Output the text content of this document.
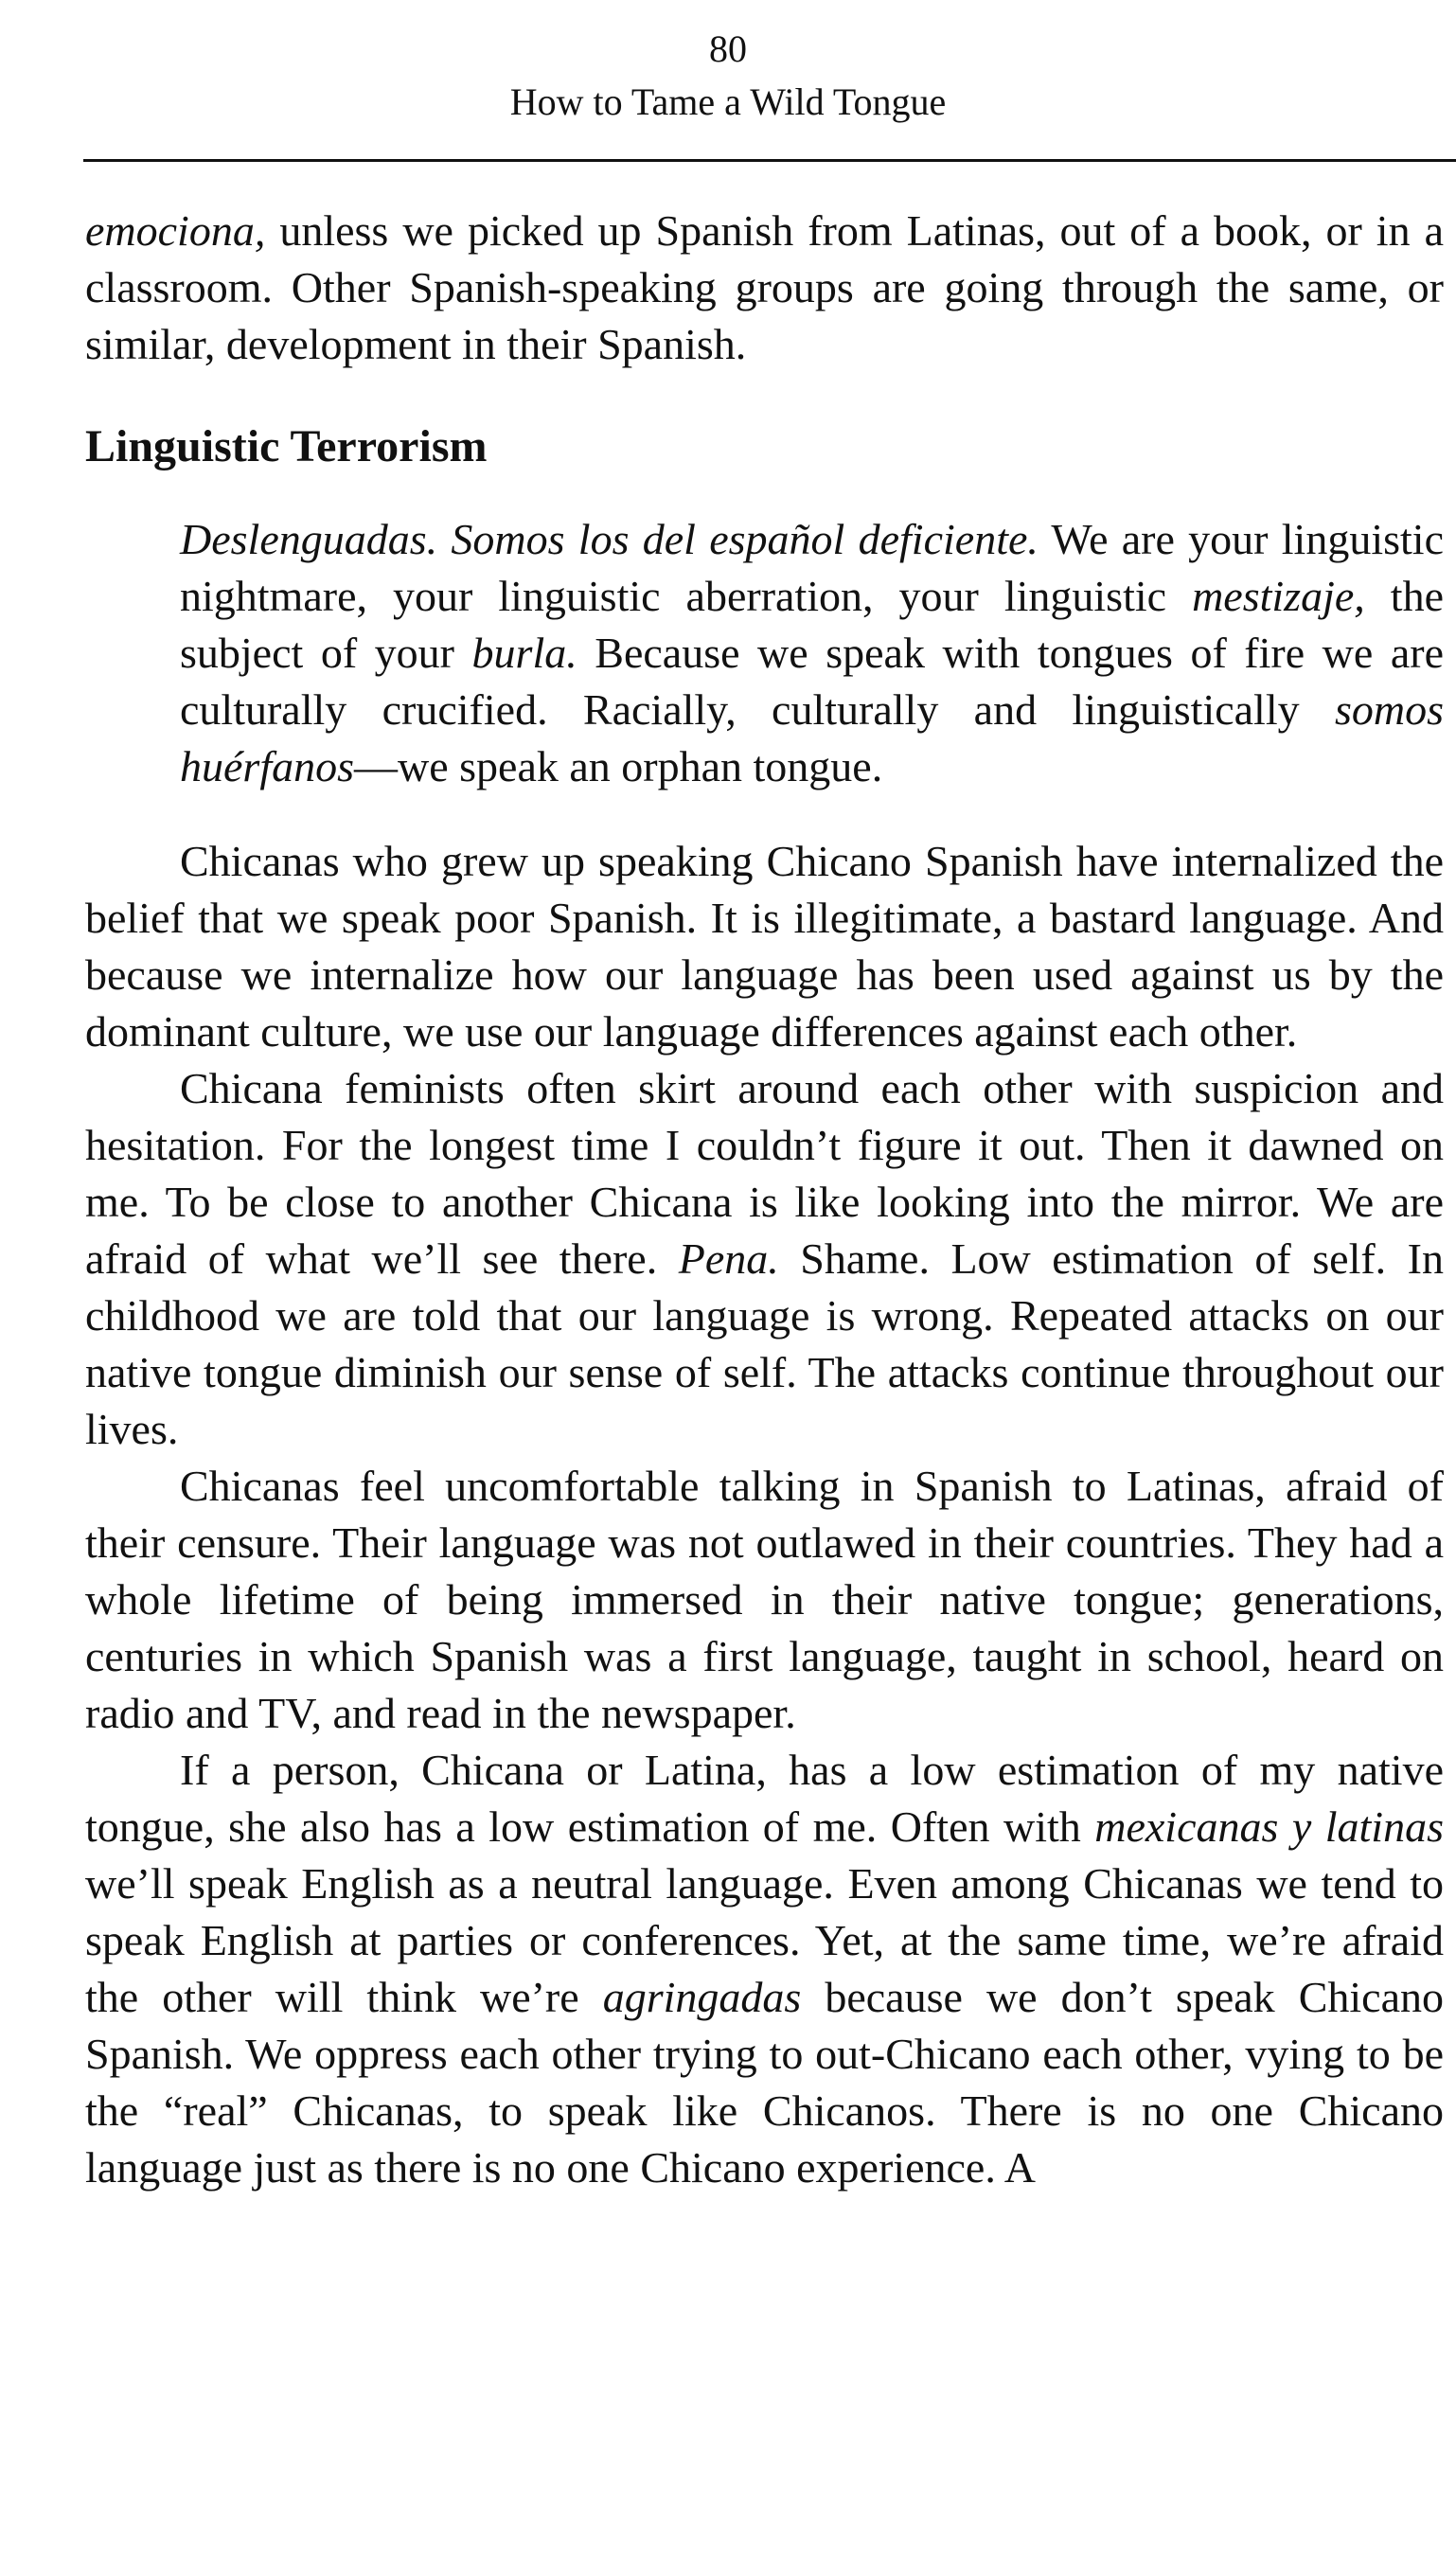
80
How to Tame a Wild Tongue

emociona, unless we picked up Spanish from Latinas, out of a book, or in a classroom. Other Spanish-speaking groups are going through the same, or similar, development in their Spanish.

Linguistic Terrorism

Deslenguadas. Somos los del español deficiente. We are your linguistic nightmare, your linguistic aberration, your linguistic mestizaje, the subject of your burla. Because we speak with tongues of fire we are culturally crucified. Racially, culturally and linguistically somos huérfanos—we speak an orphan tongue.

Chicanas who grew up speaking Chicano Spanish have internalized the belief that we speak poor Spanish. It is illegitimate, a bastard language. And because we internalize how our language has been used against us by the dominant culture, we use our language differences against each other.

Chicana feminists often skirt around each other with suspicion and hesitation. For the longest time I couldn’t figure it out. Then it dawned on me. To be close to another Chicana is like looking into the mirror. We are afraid of what we’ll see there. Pena. Shame. Low estimation of self. In childhood we are told that our language is wrong. Repeated attacks on our native tongue diminish our sense of self. The attacks continue throughout our lives.

Chicanas feel uncomfortable talking in Spanish to Latinas, afraid of their censure. Their language was not outlawed in their countries. They had a whole lifetime of being immersed in their native tongue; generations, centuries in which Spanish was a first language, taught in school, heard on radio and TV, and read in the newspaper.

If a person, Chicana or Latina, has a low estimation of my native tongue, she also has a low estimation of me. Often with mexicanas y latinas we’ll speak English as a neutral language. Even among Chicanas we tend to speak English at parties or conferences. Yet, at the same time, we’re afraid the other will think we’re agringadas because we don’t speak Chicano Spanish. We oppress each other trying to out-Chicano each other, vying to be the “real” Chicanas, to speak like Chicanos. There is no one Chicano language just as there is no one Chicano experience. A
